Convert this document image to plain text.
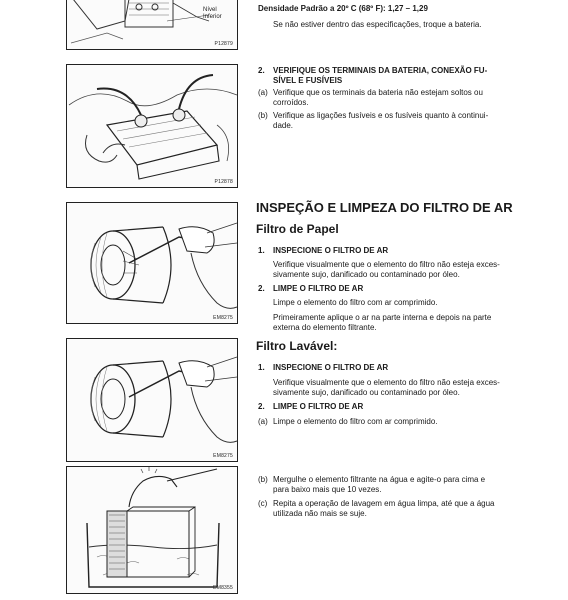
Nível
Inferior
P12879
P12878
EM8275
EM8275
EM8355
Densidade Padrão a 20º C (68º F): 1,27 – 1,29
Se não estiver dentro das especificações, troque a bateria.
2. VERIFIQUE OS TERMINAIS DA BATERIA, CONEXÃO FU-
SÍVEL E FUSÍVEIS
(a) Verifique que os terminais da bateria não estejam soltos ou
corroídos.
(b) Verifique as ligações fusíveis e os fusíveis quanto à continui-
dade.
INSPEÇÃO E LIMPEZA DO FILTRO DE AR
Filtro de Papel
1. INSPECIONE O FILTRO DE AR
Verifique visualmente que o elemento do filtro não esteja exces-
sivamente sujo, danificado ou contaminado por óleo.
2. LIMPE O FILTRO DE AR
Limpe o elemento do filtro com ar comprimido.
Primeiramente aplique o ar na parte interna e depois na parte
externa do elemento filtrante.
Filtro Lavável:
1. INSPECIONE O FILTRO DE AR
Verifique visualmente que o elemento do filtro não esteja exces-
sivamente sujo, danificado ou contaminado por óleo.
2. LIMPE O FILTRO DE AR
(a) Limpe o elemento do filtro com ar comprimido.
(b) Mergulhe o elemento filtrante na água e agite-o para cima e
para baixo mais que 10 vezes.
(c) Repita a operação de lavagem em água limpa, até que a água
utilizada não mais se suje.
